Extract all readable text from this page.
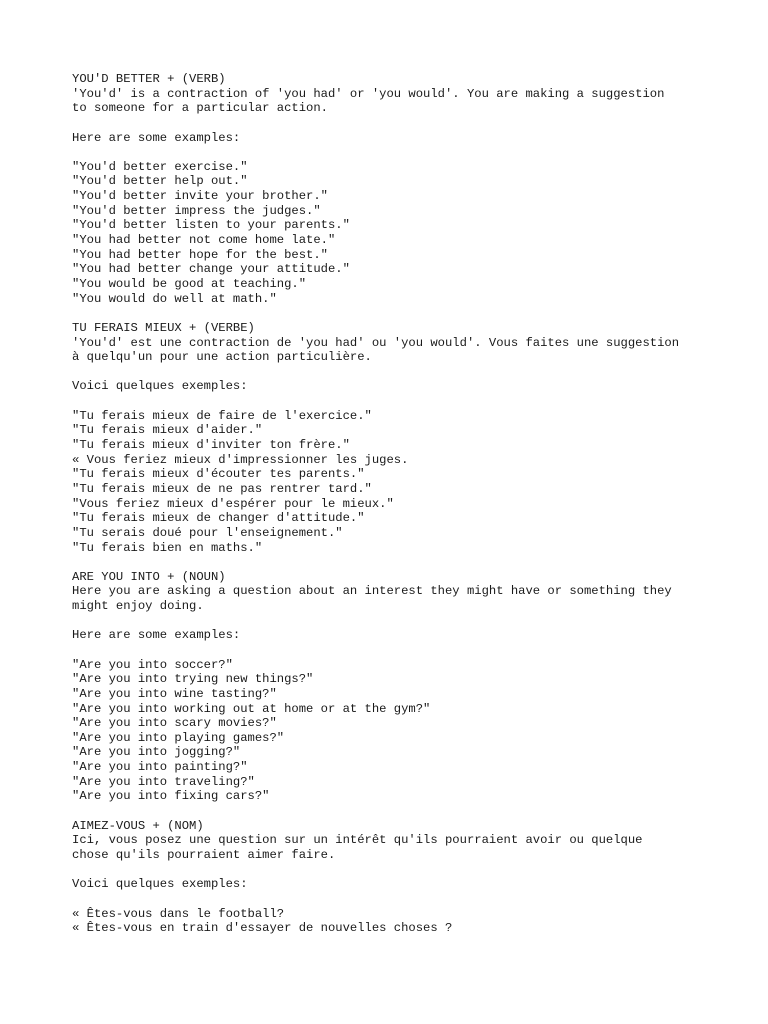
YOU'D BETTER + (VERB)
'You'd' is a contraction of 'you had' or 'you would'. You are making a suggestion
to someone for a particular action.
Here are some examples:
"You'd better exercise."
"You'd better help out."
"You'd better invite your brother."
"You'd better impress the judges."
"You'd better listen to your parents."
"You had better not come home late."
"You had better hope for the best."
"You had better change your attitude."
"You would be good at teaching."
"You would do well at math."
TU FERAIS MIEUX + (VERBE)
'You'd' est une contraction de 'you had' ou 'you would'. Vous faites une suggestion
à quelqu'un pour une action particulière.
Voici quelques exemples:
"Tu ferais mieux de faire de l'exercice."
"Tu ferais mieux d'aider."
"Tu ferais mieux d'inviter ton frère."
« Vous feriez mieux d'impressionner les juges.
"Tu ferais mieux d'écouter tes parents."
"Tu ferais mieux de ne pas rentrer tard."
"Vous feriez mieux d'espérer pour le mieux."
"Tu ferais mieux de changer d'attitude."
"Tu serais doué pour l'enseignement."
"Tu ferais bien en maths."
ARE YOU INTO + (NOUN)
Here you are asking a question about an interest they might have or something they
might enjoy doing.
Here are some examples:
"Are you into soccer?"
"Are you into trying new things?"
"Are you into wine tasting?"
"Are you into working out at home or at the gym?"
"Are you into scary movies?"
"Are you into playing games?"
"Are you into jogging?"
"Are you into painting?"
"Are you into traveling?"
"Are you into fixing cars?"
AIMEZ-VOUS + (NOM)
Ici, vous posez une question sur un intérêt qu'ils pourraient avoir ou quelque
chose qu'ils pourraient aimer faire.
Voici quelques exemples:
« Êtes-vous dans le football?
« Êtes-vous en train d'essayer de nouvelles choses ?
